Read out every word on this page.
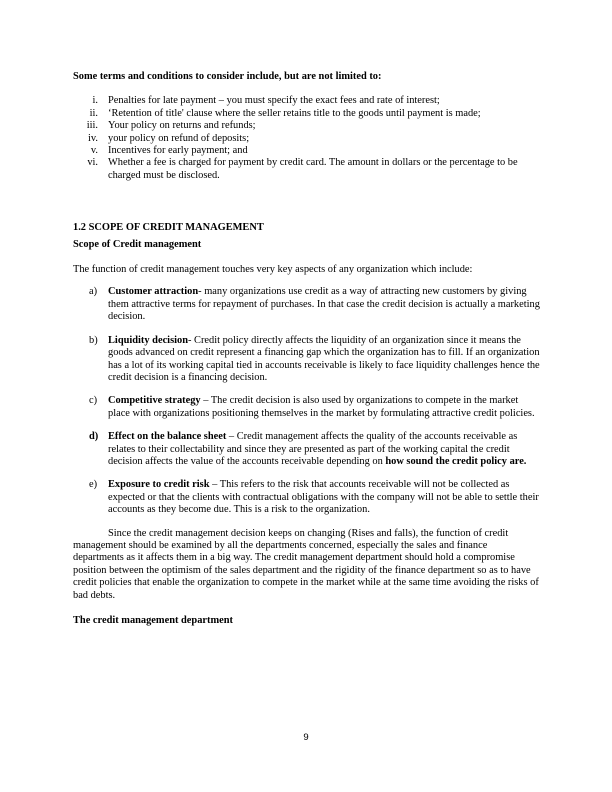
Some terms and conditions to consider include, but are not limited to:
i. Penalties for late payment – you must specify the exact fees and rate of interest;
ii. ‘Retention of title' clause where the seller retains title to the goods until payment is made;
iii. Your policy on returns and refunds;
iv. your policy on refund of deposits;
v. Incentives for early payment; and
vi. Whether a fee is charged for payment by credit card. The amount in dollars or the percentage to be charged must be disclosed.
1.2 SCOPE OF CREDIT MANAGEMENT
Scope of Credit management

The function of credit management touches very key aspects of any organization which include:

a) Customer attraction- many organizations use credit as a way of attracting new customers by giving them attractive terms for repayment of purchases. In that case the credit decision is actually a marketing decision.
b) Liquidity decision- Credit policy directly affects the liquidity of an organization since it means the goods advanced on credit represent a financing gap which the organization has to fill. If an organization has a lot of its working capital tied in accounts receivable is likely to face liquidity challenges hence the credit decision is a financing decision.
c) Competitive strategy – The credit decision is also used by organizations to compete in the market place with organizations positioning themselves in the market by formulating attractive credit policies.
d) Effect on the balance sheet – Credit management affects the quality of the accounts receivable as relates to their collectability and since they are presented as part of the working capital the credit decision affects the value of the accounts receivable depending on how sound the credit policy are.
e) Exposure to credit risk – This refers to the risk that accounts receivable will not be collected as expected or that the clients with contractual obligations with the company will not be able to settle their accounts as they become due. This is a risk to the organization.

Since the credit management decision keeps on changing (Rises and falls), the function of credit management should be examined by all the departments concerned, especially the sales and finance departments as it affects them in a big way. The credit management department should hold a compromise position between the optimism of the sales department and the rigidity of the finance department so as to have credit policies that enable the organization to compete in the market while at the same time avoiding the risks of bad debts.

The credit management department
9
